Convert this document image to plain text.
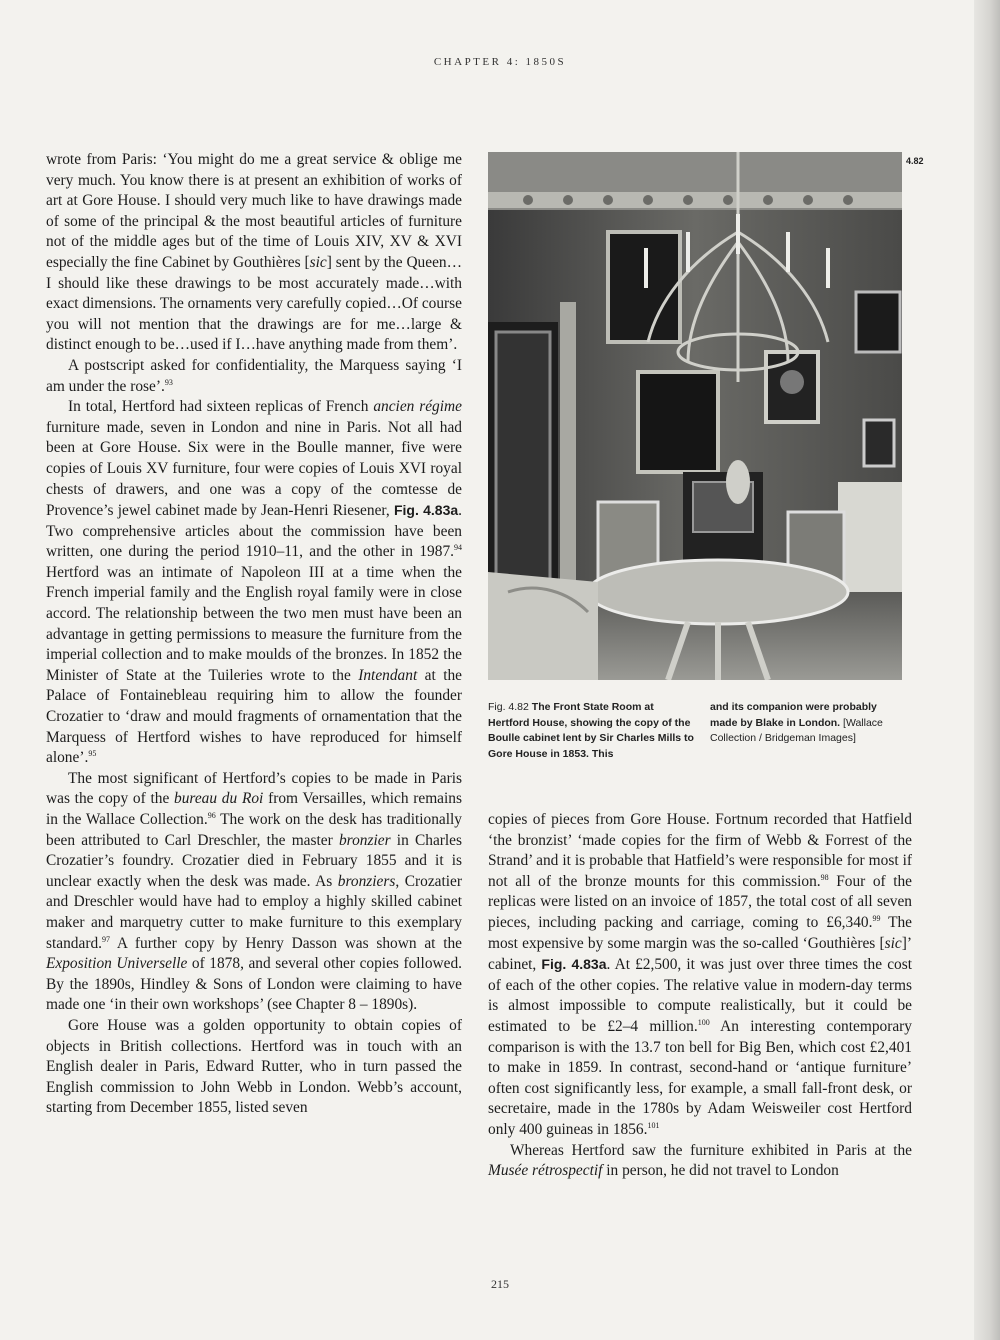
CHAPTER 4: 1850S

wrote from Paris: ‘You might do me a great service & oblige me very much. You know there is at present an exhibition of works of art at Gore House. I should very much like to have drawings made of some of the principal & the most beautiful articles of furniture not of the middle ages but of the time of Louis XIV, XV & XVI especially the fine Cabinet by Gouthières [sic] sent by the Queen…I should like these drawings to be most accurately made…with exact dimensions. The ornaments very carefully copied…Of course you will not mention that the drawings are for me…large & distinct enough to be…used if I…have anything made from them’.

A postscript asked for confidentiality, the Marquess saying ‘I am under the rose’.$^{93}$

In total, Hertford had sixteen replicas of French ancien régime furniture made, seven in London and nine in Paris. Not all had been at Gore House. Six were in the Boulle manner, five were copies of Louis XV furniture, four were copies of Louis XVI royal chests of drawers, and one was a copy of the comtesse de Provence’s jewel cabinet made by Jean-Henri Riesener, Fig. 4.83a. Two comprehensive articles about the commission have been written, one during the period 1910–11, and the other in 1987.94 Hertford was an intimate of Napoleon III at a time when the French imperial family and the English royal family were in close accord. The relationship between the two men must have been an advantage in getting permissions to measure the furniture from the imperial collection and to make moulds of the bronzes. In 1852 the Minister of State at the Tuileries wrote to the Intendant at the Palace of Fontainebleau requiring him to allow the founder Crozatier to ‘draw and mould fragments of ornamentation that the Marquess of Hertford wishes to have reproduced for himself alone’.$^{95}$

The most significant of Hertford’s copies to be made in Paris was the copy of the bureau du Roi from Versailles, which remains in the Wallace Collection.$^{96}$ The work on the desk has traditionally been attributed to Carl Dreschler, the master bronzier in Charles Crozatier’s foundry. Crozatier died in February 1855 and it is unclear exactly when the desk was made. As bronziers, Crozatier and Dreschler would have had to employ a highly skilled cabinet maker and marquetry cutter to make furniture to this exemplary standard.$^{97}$ A further copy by Henry Dasson was shown at the Exposition Universelle of 1878, and several other copies followed. By the 1890s, Hindley & Sons of London were claiming to have made one ‘in their own workshops’ (see Chapter 8 – 1890s).

Gore House was a golden opportunity to obtain copies of objects in British collections. Hertford was in touch with an English dealer in Paris, Edward Rutter, who in turn passed the English commission to John Webb in London. Webb’s account, starting from December 1855, listed seven

4.82
Fig. 4.82 The Front State Room at Hertford House, showing the copy of the Boulle cabinet lent by Sir Charles Mills to Gore House in 1853. This
and its companion were probably made by Blake in London. [Wallace Collection / Bridgeman Images]

copies of pieces from Gore House. Fortnum recorded that Hatfield ‘the bronzist’ ‘made copies for the firm of Webb & Forrest of the Strand’ and it is probable that Hatfield’s were responsible for most if not all of the bronze mounts for this commission.$^{98}$ Four of the replicas were listed on an invoice of 1857, the total cost of all seven pieces, including packing and carriage, coming to £6,340.99 The most expensive by some margin was the so-called ‘Gouthières [sic]’ cabinet, Fig. 4.83a. At £2,500, it was just over three times the cost of each of the other copies. The relative value in modern-day terms is almost impossible to compute realistically, but it could be estimated to be £2–4 million.$^{100}$ An interesting contemporary comparison is with the 13.7 ton bell for Big Ben, which cost £2,401 to make in 1859. In contrast, second-hand or ‘antique furniture’ often cost significantly less, for example, a small fall-front desk, or secretaire, made in the 1780s by Adam Weisweiler cost Hertford only 400 guineas in 1856.$^{101}$

Whereas Hertford saw the furniture exhibited in Paris at the Musée rétrospectif in person, he did not travel to London

215
